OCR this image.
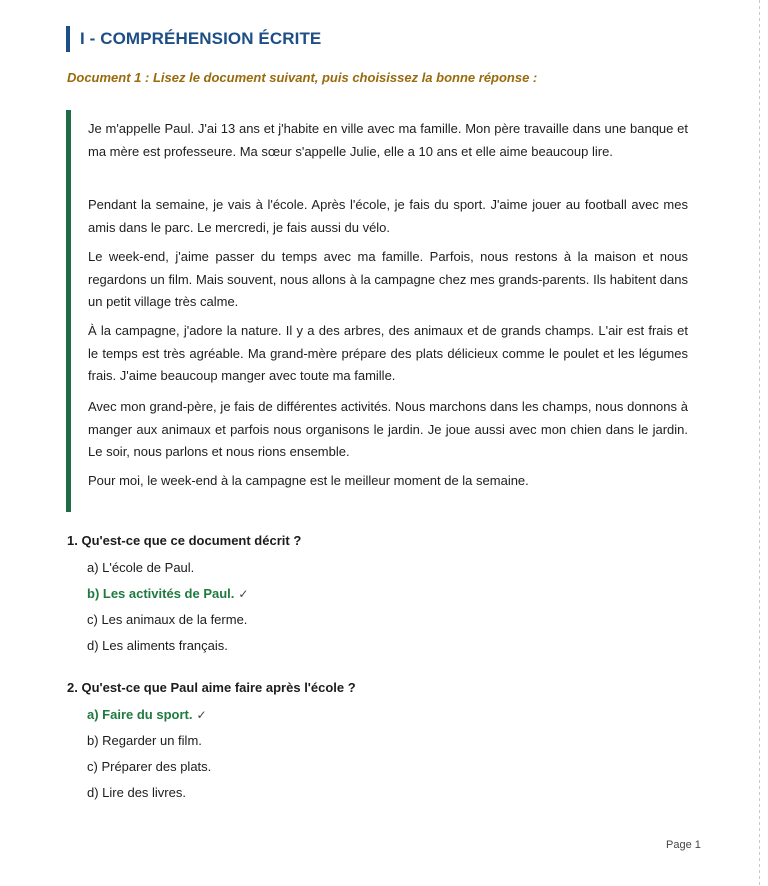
I - COMPRÉHENSION ÉCRITE
Document 1 : Lisez le document suivant, puis choisissez la bonne réponse :

Je m'appelle Paul. J'ai 13 ans et j'habite en ville avec ma famille. Mon père travaille dans une banque et ma mère est professeure. Ma sœur s'appelle Julie, elle a 10 ans et elle aime beaucoup lire.

Pendant la semaine, je vais à l'école. Après l'école, je fais du sport. J'aime jouer au football avec mes amis dans le parc. Le mercredi, je fais aussi du vélo.

Le week-end, j'aime passer du temps avec ma famille. Parfois, nous restons à la maison et nous regardons un film. Mais souvent, nous allons à la campagne chez mes grands-parents. Ils habitent dans un petit village très calme.

À la campagne, j'adore la nature. Il y a des arbres, des animaux et de grands champs. L'air est frais et le temps est très agréable. Ma grand-mère prépare des plats délicieux comme le poulet et les légumes frais. J'aime beaucoup manger avec toute ma famille.

Avec mon grand-père, je fais de différentes activités. Nous marchons dans les champs, nous donnons à manger aux animaux et parfois nous organisons le jardin. Je joue aussi avec mon chien dans le jardin. Le soir, nous parlons et nous rions ensemble.

Pour moi, le week-end à la campagne est le meilleur moment de la semaine.

1. Qu'est-ce que ce document décrit ?
a) L'école de Paul.
b) Les activités de Paul. ✓
c) Les animaux de la ferme.
d) Les aliments français.
2. Qu'est-ce que Paul aime faire après l'école ?
a) Faire du sport. ✓
b) Regarder un film.
c) Préparer des plats.
d) Lire des livres.
Page 1
